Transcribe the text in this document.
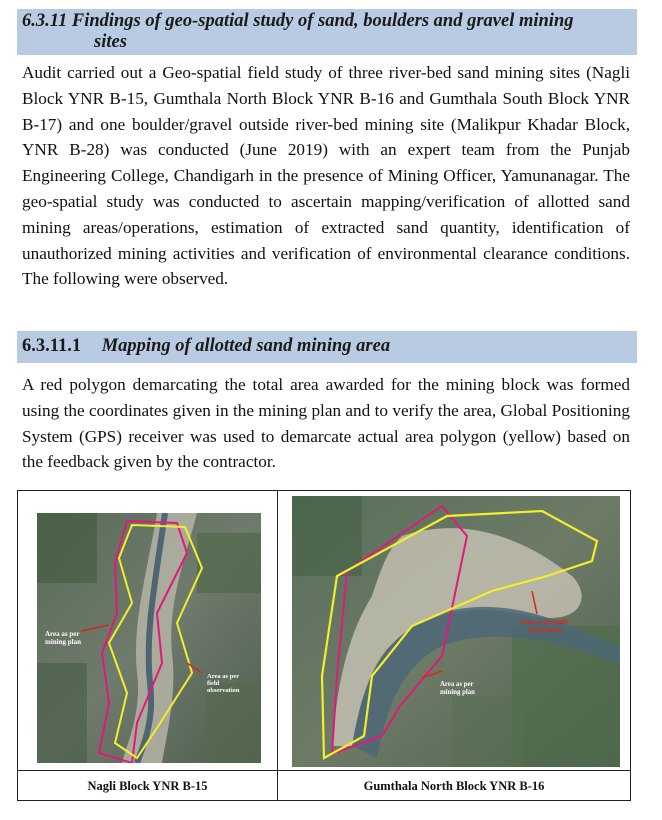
6.3.11 Findings of geo-spatial study of sand, boulders and gravel mining
sites

Audit carried out a Geo-spatial field study of three river-bed sand mining sites (Nagli Block YNR B-15, Gumthala North Block YNR B-16 and Gumthala South Block YNR B-17) and one boulder/gravel outside river-bed mining site (Malikpur Khadar Block, YNR B-28) was conducted (June 2019) with an expert team from the Punjab Engineering College, Chandigarh in the presence of Mining Officer, Yamunanagar. The geo-spatial study was conducted to ascertain mapping/verification of allotted sand mining areas/operations, estimation of extracted sand quantity, identification of unauthorized mining activities and verification of environmental clearance conditions. The following were observed.

6.3.11.1 Mapping of allotted sand mining area

A red polygon demarcating the total area awarded for the mining block was formed using the coordinates given in the mining plan and to verify the area, Global Positioning System (GPS) receiver was used to demarcate actual area polygon (yellow) based on the feedback given by the contractor.

Area as per
mining plan
Area as per
field
observation
Area as per field
observation
Area as per
mining plan
Nagli Block YNR B-15	Gumthala North Block YNR B-16
